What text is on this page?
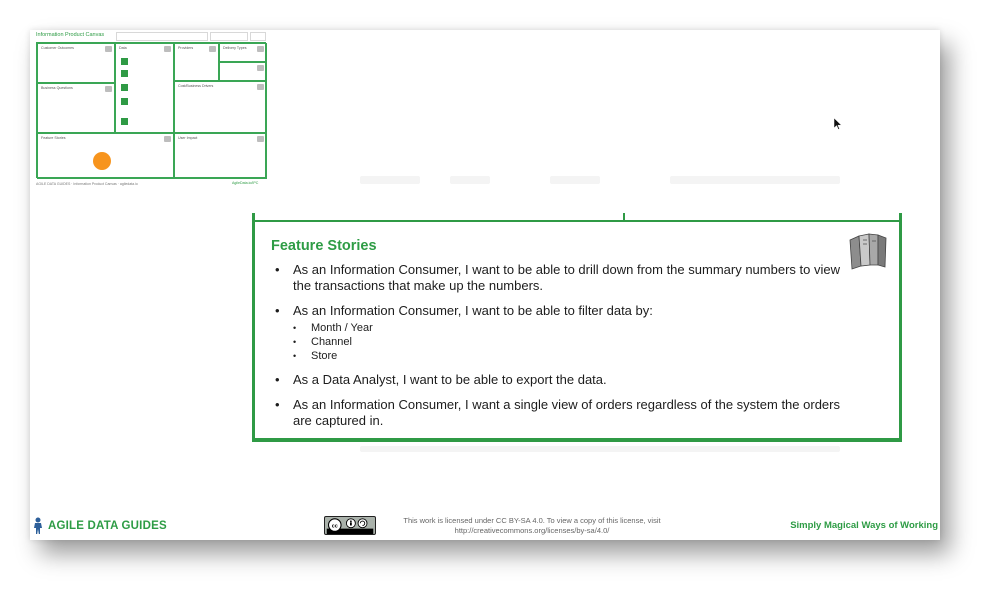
Information Product Canvas
Customer Outcomes
Business Questions
Feature Stories
Data	Providers	Delivery Types
Cost/Business Drivers
User Impact
AGILE DATA GUIDES · Information Product Canvas · agiledata.io	AgileData.io/IPC
Feature Stories
• As an Information Consumer, I want to be able to drill down from the summary numbers to view the transactions that make up the numbers.
• As an Information Consumer, I want to be able to filter data by:
• Month / Year
• Channel
• Store
• As a Data Analyst, I want to be able to export the data.
• As an Information Consumer, I want a single view of orders regardless of the system the orders are captured in.
AGILE DATA GUIDES	cc
This work is licensed under CC BY-SA 4.0. To view a copy of this license, visit
http://creativecommons.org/licenses/by-sa/4.0/	Simply Magical Ways of Working
